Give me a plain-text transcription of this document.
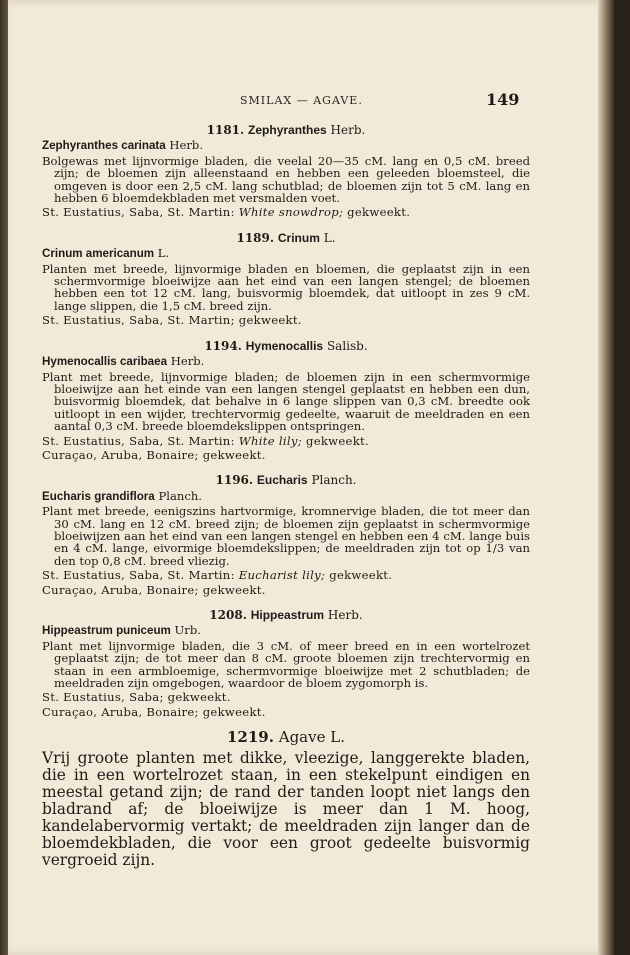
SMILAX — AGAVE.	149

1181. Zephyranthes Herb.

Zephyranthes carinata Herb.

Bolgewas met lijnvormige bladen, die veelal 20—35 cM. lang en 0,5 cM. breed zijn; de bloemen zijn alleenstaand en hebben een geleeden bloemsteel, die omgeven is door een 2,5 cM. lang schutblad; de bloemen zijn tot 5 cM. lang en hebben 6 bloemdekbladen met versmalden voet.

St. Eustatius, Saba, St. Martin: White snowdrop; gekweekt.

1189. Crinum L.

Crinum americanum L.

Planten met breede, lijnvormige bladen en bloemen, die geplaatst zijn in een schermvormige bloeiwijze aan het eind van een langen stengel; de bloemen hebben een tot 12 cM. lang, buisvormig bloemdek, dat uitloopt in zes 9 cM. lange slippen, die 1,5 cM. breed zijn.

St. Eustatius, Saba, St. Martin; gekweekt.

1194. Hymenocallis Salisb.

Hymenocallis caribaea Herb.

Plant met breede, lijnvormige bladen; de bloemen zijn in een schermvormige bloeiwijze aan het einde van een langen stengel geplaatst en hebben een dun, buisvormig bloemdek, dat behalve in 6 lange slippen van 0,3 cM. breedte ook uitloopt in een wijder, trechtervormig gedeelte, waaruit de meeldraden en een aantal 0,3 cM. breede bloemdekslippen ontspringen.

St. Eustatius, Saba, St. Martin: White lily; gekweekt.

Curaçao, Aruba, Bonaire; gekweekt.

1196. Eucharis Planch.

Eucharis grandiflora Planch.

Plant met breede, eenigszins hartvormige, kromnervige bladen, die tot meer dan 30 cM. lang en 12 cM. breed zijn; de bloemen zijn geplaatst in schermvormige bloeiwijzen aan het eind van een langen stengel en hebben een 4 cM. lange buis en 4 cM. lange, eivormige bloemdekslippen; de meeldraden zijn tot op 1/3 van den top 0,8 cM. breed vliezig.

St. Eustatius, Saba, St. Martin: Eucharist lily; gekweekt.

Curaçao, Aruba, Bonaire; gekweekt.

1208. Hippeastrum Herb.

Hippeastrum puniceum Urb.

Plant met lijnvormige bladen, die 3 cM. of meer breed en in een wortelrozet geplaatst zijn; de tot meer dan 8 cM. groote bloemen zijn trechtervormig en staan in een armbloemige, schermvormige bloeiwijze met 2 schutbladen; de meeldraden zijn omgebogen, waardoor de bloem zygomorph is.

St. Eustatius, Saba; gekweekt.

Curaçao, Aruba, Bonaire; gekweekt.

1219. Agave L.

Vrij groote planten met dikke, vleezige, langgerekte bladen, die in een wortelrozet staan, in een stekelpunt eindigen en meestal getand zijn; de rand der tanden loopt niet langs den bladrand af; de bloeiwijze is meer dan 1 M. hoog, kandelabervormig vertakt; de meeldraden zijn langer dan de bloemdekbladen, die voor een groot gedeelte buisvormig vergroeid zijn.
